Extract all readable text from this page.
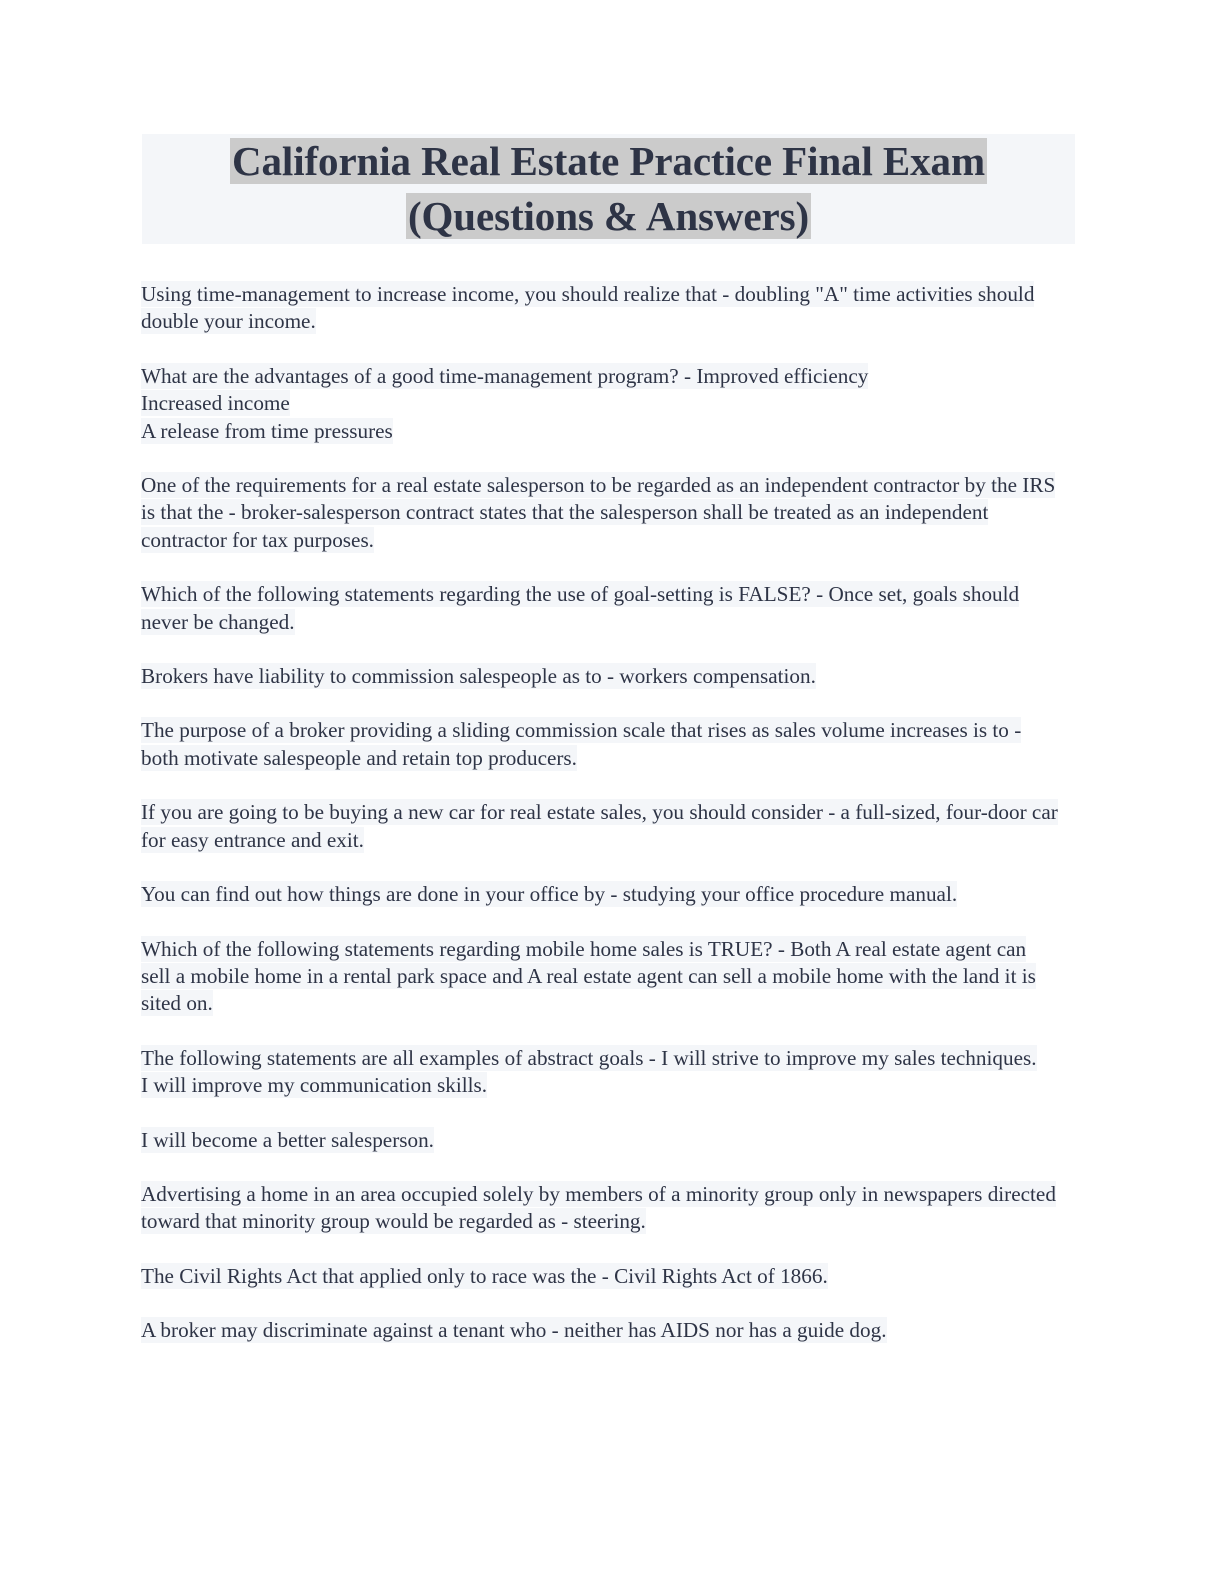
California Real Estate Practice Final Exam
(Questions & Answers)

Using time-management to increase income, you should realize that - doubling "A" time activities should double your income.

What are the advantages of a good time-management program? - Improved efficiency
Increased income
A release from time pressures

One of the requirements for a real estate salesperson to be regarded as an independent contractor by the IRS is that the - broker-salesperson contract states that the salesperson shall be treated as an independent contractor for tax purposes.

Which of the following statements regarding the use of goal-setting is FALSE? - Once set, goals should never be changed.

Brokers have liability to commission salespeople as to - workers compensation.

The purpose of a broker providing a sliding commission scale that rises as sales volume increases is to - both motivate salespeople and retain top producers.

If you are going to be buying a new car for real estate sales, you should consider - a full-sized, four-door car for easy entrance and exit.

You can find out how things are done in your office by - studying your office procedure manual.

Which of the following statements regarding mobile home sales is TRUE? - Both A real estate agent can sell a mobile home in a rental park space and A real estate agent can sell a mobile home with the land it is sited on.

The following statements are all examples of abstract goals - I will strive to improve my sales techniques.
I will improve my communication skills.

I will become a better salesperson.

Advertising a home in an area occupied solely by members of a minority group only in newspapers directed toward that minority group would be regarded as - steering.

The Civil Rights Act that applied only to race was the - Civil Rights Act of 1866.

A broker may discriminate against a tenant who - neither has AIDS nor has a guide dog.
